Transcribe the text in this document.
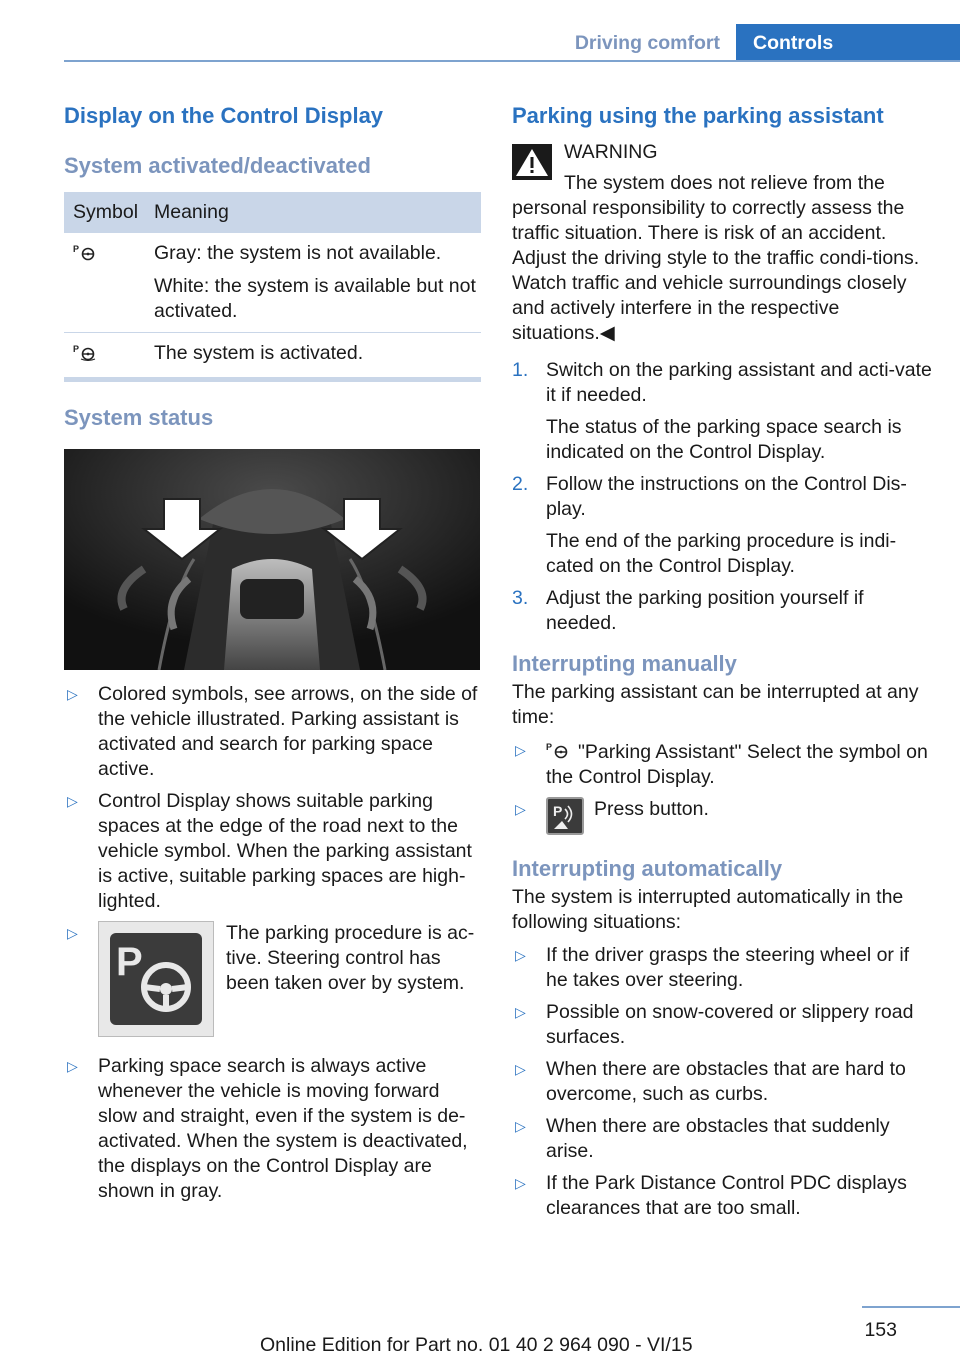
Driving comfort	Controls
Display on the Control Display
System activated/deactivated
Symbol	Meaning

P	Gray: the system is not available.

White: the system is available but not activated.

P	The system is activated.
System status
▷ Colored symbols, see arrows, on the side of the vehicle illustrated. Parking assistant is activated and search for parking space active.
▷ Control Display shows suitable parking spaces at the edge of the road next to the vehicle symbol. When the parking assistant is active, suitable parking spaces are high‐lighted.
▷ P
The parking procedure is ac‐tive. Steering control has been taken over by system.
▷ Parking space search is always active whenever the vehicle is moving forward slow and straight, even if the system is de‐activated. When the system is deactivated, the displays on the Control Display are shown in gray.
Parking using the parking assistant
WARNING

The system does not relieve from the personal responsibility to correctly assess the traffic situation. There is risk of an accident. Adjust the driving style to the traffic condi‐tions. Watch traffic and vehicle surroundings closely and actively interfere in the respective situations.◀

1. Switch on the parking assistant and acti‐vate it if needed.

The status of the parking space search is indicated on the Control Display.

2. Follow the instructions on the Control Dis‐play.

The end of the parking procedure is indi‐cated on the Control Display.

3. Adjust the parking position yourself if needed.

Interrupting manually

The parking assistant can be interrupted at any time:

▷ P "Parking Assistant" Select the symbol on the Control Display.
▷ P Press button.
Interrupting automatically

The system is interrupted automatically in the following situations:

▷ If the driver grasps the steering wheel or if he takes over steering.
▷ Possible on snow-covered or slippery road surfaces.
▷ When there are obstacles that are hard to overcome, such as curbs.
▷ When there are obstacles that suddenly arise.
▷ If the Park Distance Control PDC displays clearances that are too small.
153
Online Edition for Part no. 01 40 2 964 090 - VI/15
